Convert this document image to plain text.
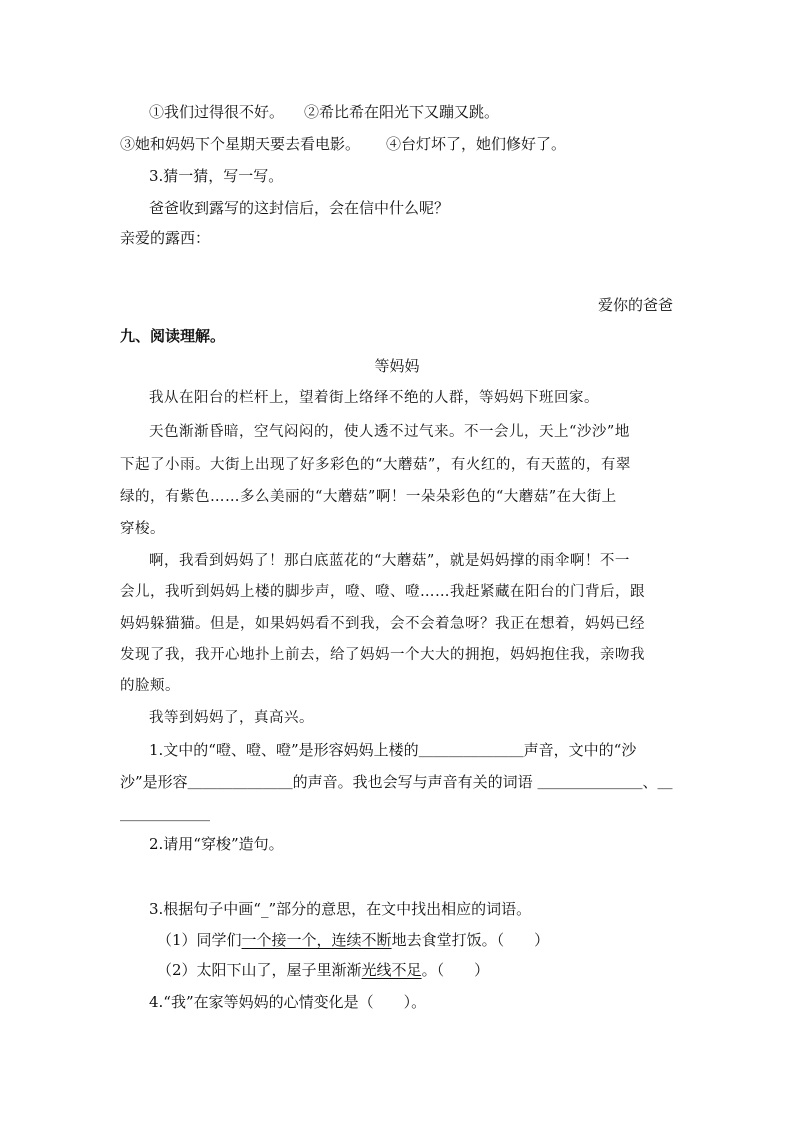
①我们过得很不好。 ②希比希在阳光下又蹦又跳。
③她和妈妈下个星期天要去看电影。 ④台灯坏了，她们修好了。
3.猜一猜，写一写。
爸爸收到露写的这封信后，会在信中什么呢？
亲爱的露西：
爱你的爸爸
九、阅读理解。
等妈妈
我从在阳台的栏杆上，望着街上络绎不绝的人群，等妈妈下班回家。
天色渐渐昏暗，空气闷闷的，使人透不过气来。不一会儿，天上“沙沙”地
下起了小雨。大街上出现了好多彩色的“大蘑菇”，有火红的，有天蓝的，有翠
绿的，有紫色……多么美丽的“大蘑菇”啊！一朵朵彩色的“大蘑菇”在大街上
穿梭。
啊，我看到妈妈了！那白底蓝花的“大蘑菇”，就是妈妈撑的雨伞啊！不一
会儿，我听到妈妈上楼的脚步声，噔、噔、噔……我赶紧藏在阳台的门背后，跟
妈妈躲猫猫。但是，如果妈妈看不到我，会不会着急呀？我正在想着，妈妈已经
发现了我，我开心地扑上前去，给了妈妈一个大大的拥抱，妈妈抱住我，亲吻我
的脸颊。
我等到妈妈了，真高兴。
1.文中的“噔、噔、噔”是形容妈妈上楼的＿＿＿＿＿＿＿声音，文中的“沙
沙”是形容＿＿＿＿＿＿＿的声音。我也会写与声音有关的词语 ＿＿＿＿＿＿＿、＿
＿＿＿＿＿＿
2.请用“穿梭”造句。
3.根据句子中画“_”部分的意思，在文中找出相应的词语。
（1）同学们一个接一个，连续不断地去食堂打饭。（　　）
（2）太阳下山了，屋子里渐渐光线不足。（　　）
4.“我”在家等妈妈的心情变化是（　　）。
